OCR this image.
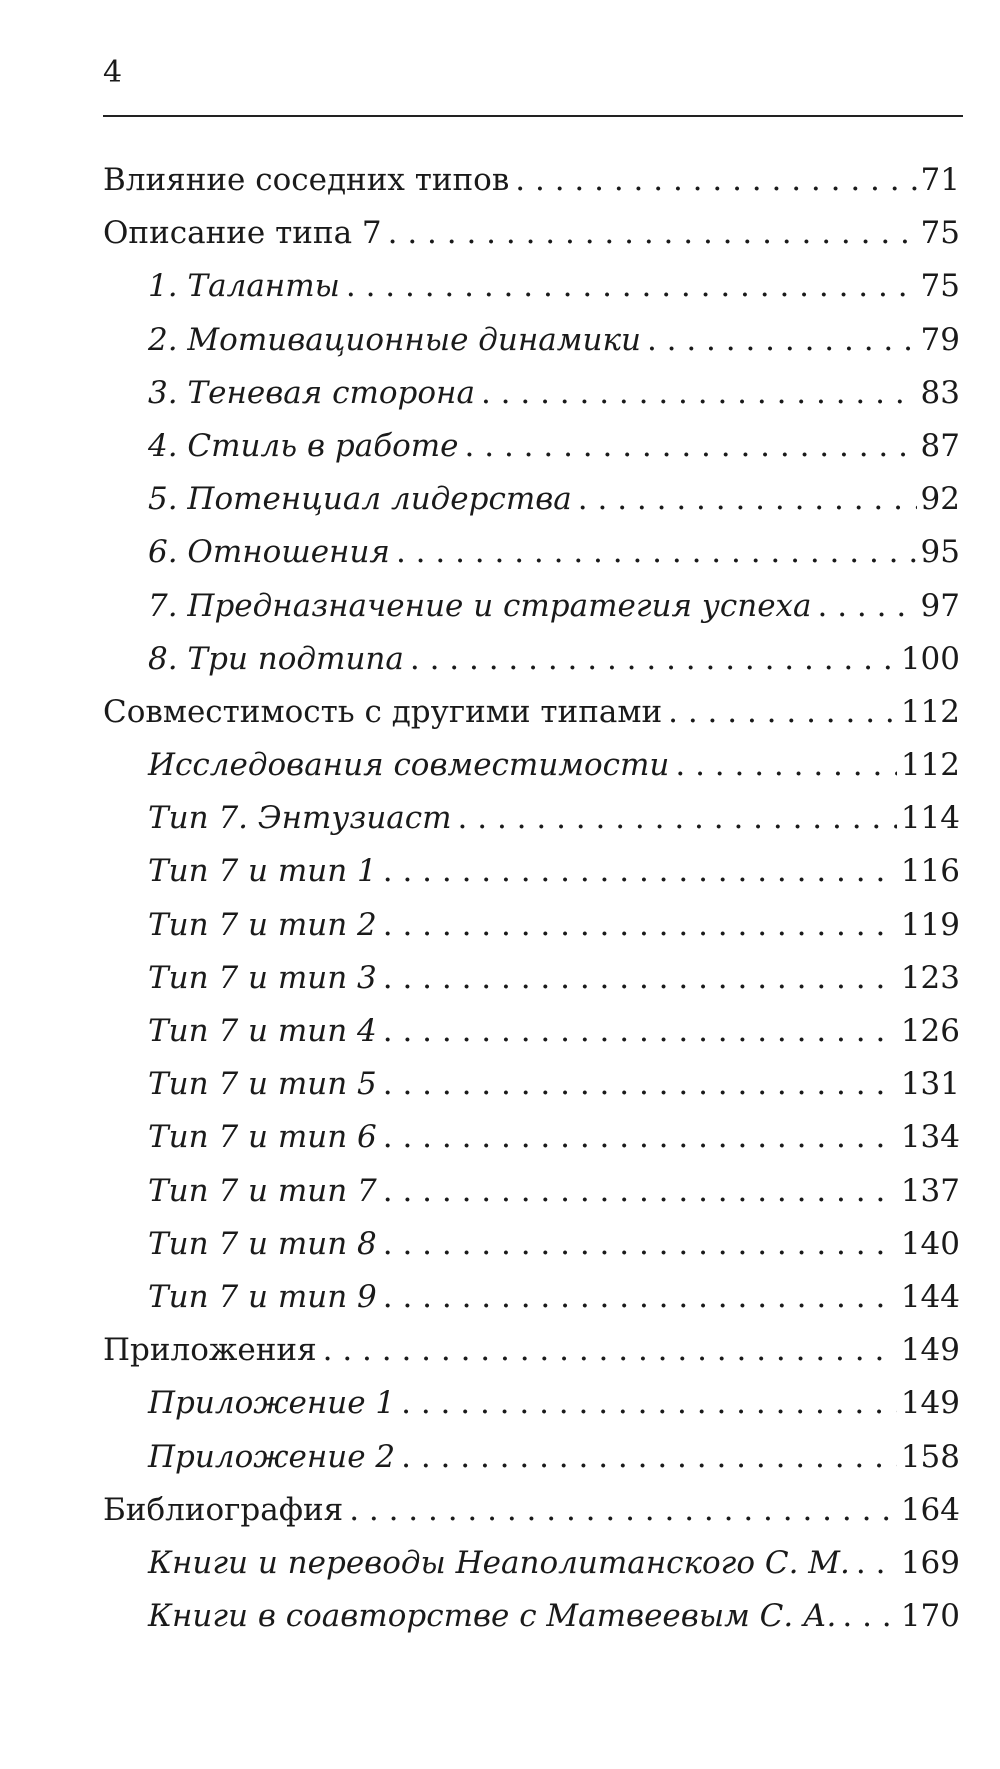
4
Влияние соседних типов . . .	71
Описание типа 7 . . .	75
1. Таланты . . .	75
2. Мотивационные динамики . . .	79
3. Теневая сторона . . .	83
4. Стиль в работе . . .	87
5. Потенциал лидерства . . .	92
6. Отношения . . .	95
7. Предназначение и стратегия успеха . . .	97
8. Три подтипа . . .	100
Совместимость с другими типами . . .	112
Исследования совместимости . . .	112
Тип 7. Энтузиаст . . .	114
Тип 7 и тип 1 . . .	116
Тип 7 и тип 2 . . .	119
Тип 7 и тип 3 . . .	123
Тип 7 и тип 4 . . .	126
Тип 7 и тип 5 . . .	131
Тип 7 и тип 6 . . .	134
Тип 7 и тип 7 . . .	137
Тип 7 и тип 8 . . .	140
Тип 7 и тип 9 . . .	144
Приложения . . .	149
Приложение 1 . . .	149
Приложение 2 . . .	158
Библиография . . .	164
Книги и переводы Неаполитанского С. М. . . . 169
Книги в соавторстве с Матвеевым С. А. . . . 170
